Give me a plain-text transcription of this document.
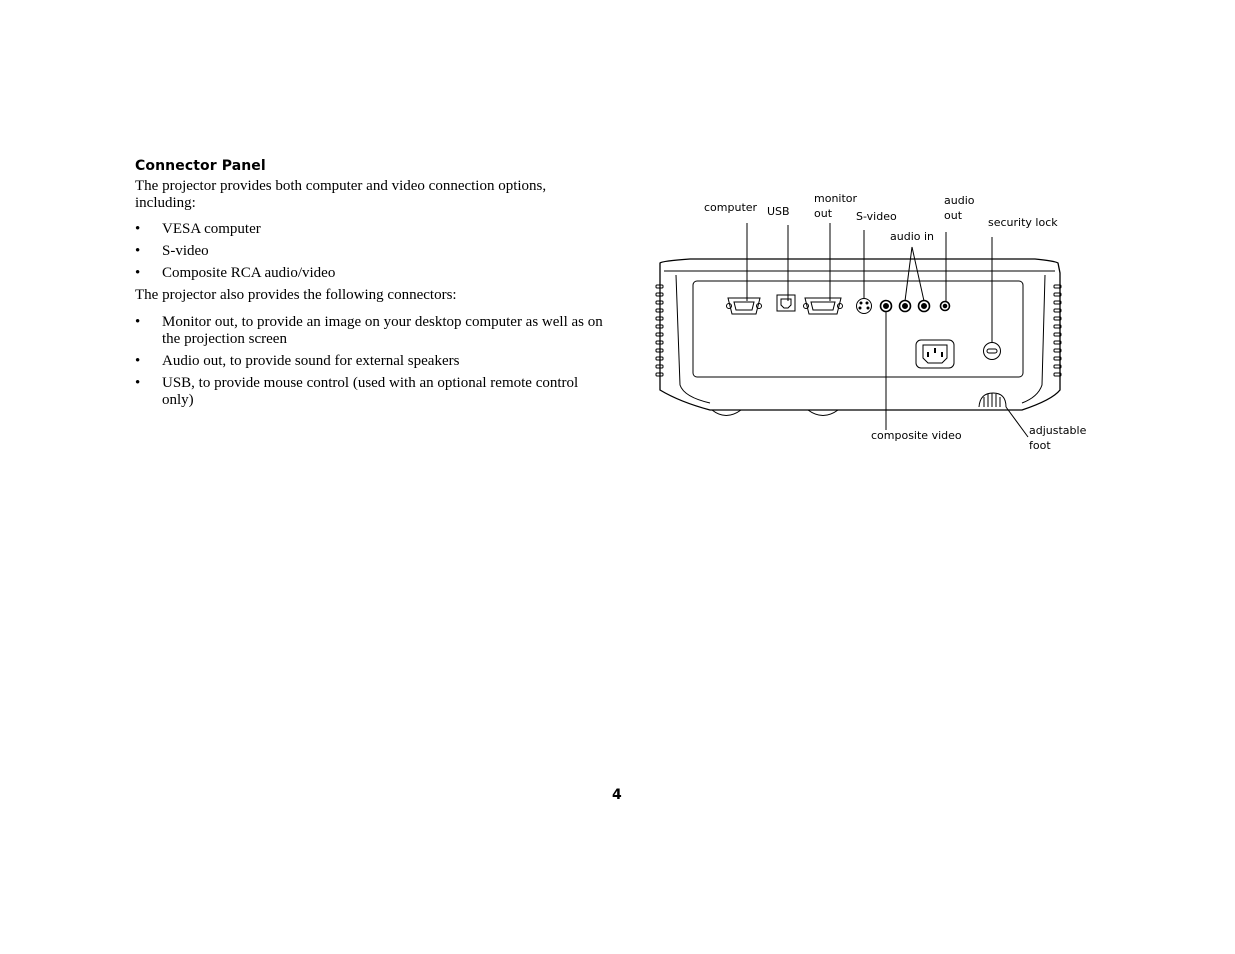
Connector Panel
The projector provides both computer and video connection options, including:
• VESA computer
• S-video
• Composite RCA audio/video
The projector also provides the following connectors:
• Monitor out, to provide an image on your desktop computer as well as on the projection screen
• Audio out, to provide sound for external speakers
• USB, to provide mouse control (used with an optional remote control only)
computer USB
monitor
out	S-video
audio in
audio
out
security lock
composite video	adjustable
foot
4
